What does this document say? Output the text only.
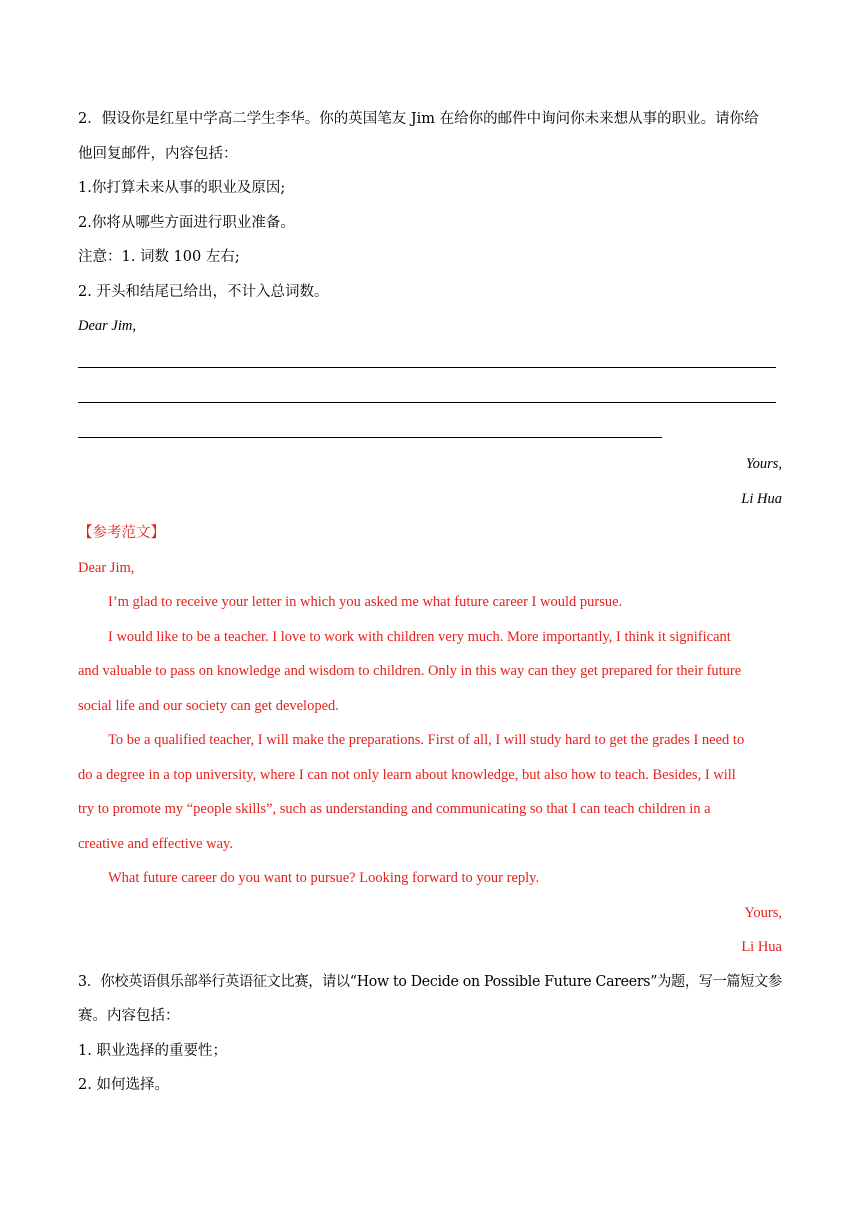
2．假设你是红星中学高二学生李华。你的英国笔友 Jim 在给你的邮件中询问你未来想从事的职业。请你给
他回复邮件，内容包括：
1.你打算未来从事的职业及原因;
2.你将从哪些方面进行职业准备。
注意：1. 词数 100 左右;
2. 开头和结尾已给出，不计入总词数。
Dear Jim,
Yours,
Li Hua
【参考范文】
Dear Jim,
I’m glad to receive your letter in which you asked me what future career I would pursue.
I would like to be a teacher. I love to work with children very much. More importantly, I think it significant
and valuable to pass on knowledge and wisdom to children. Only in this way can they get prepared for their future
social life and our society can get developed.
To be a qualified teacher, I will make the preparations. First of all, I will study hard to get the grades I need to
do a degree in a top university, where I can not only learn about knowledge, but also how to teach. Besides, I will
try to promote my “people skills”, such as understanding and communicating so that I can teach children in a
creative and effective way.
What future career do you want to pursue? Looking forward to your reply.
Yours,
Li Hua
3．你校英语俱乐部举行英语征文比赛，请以“How to Decide on Possible Future Careers”为题，写一篇短文参
赛。内容包括：
1. 职业选择的重要性；
2. 如何选择。
